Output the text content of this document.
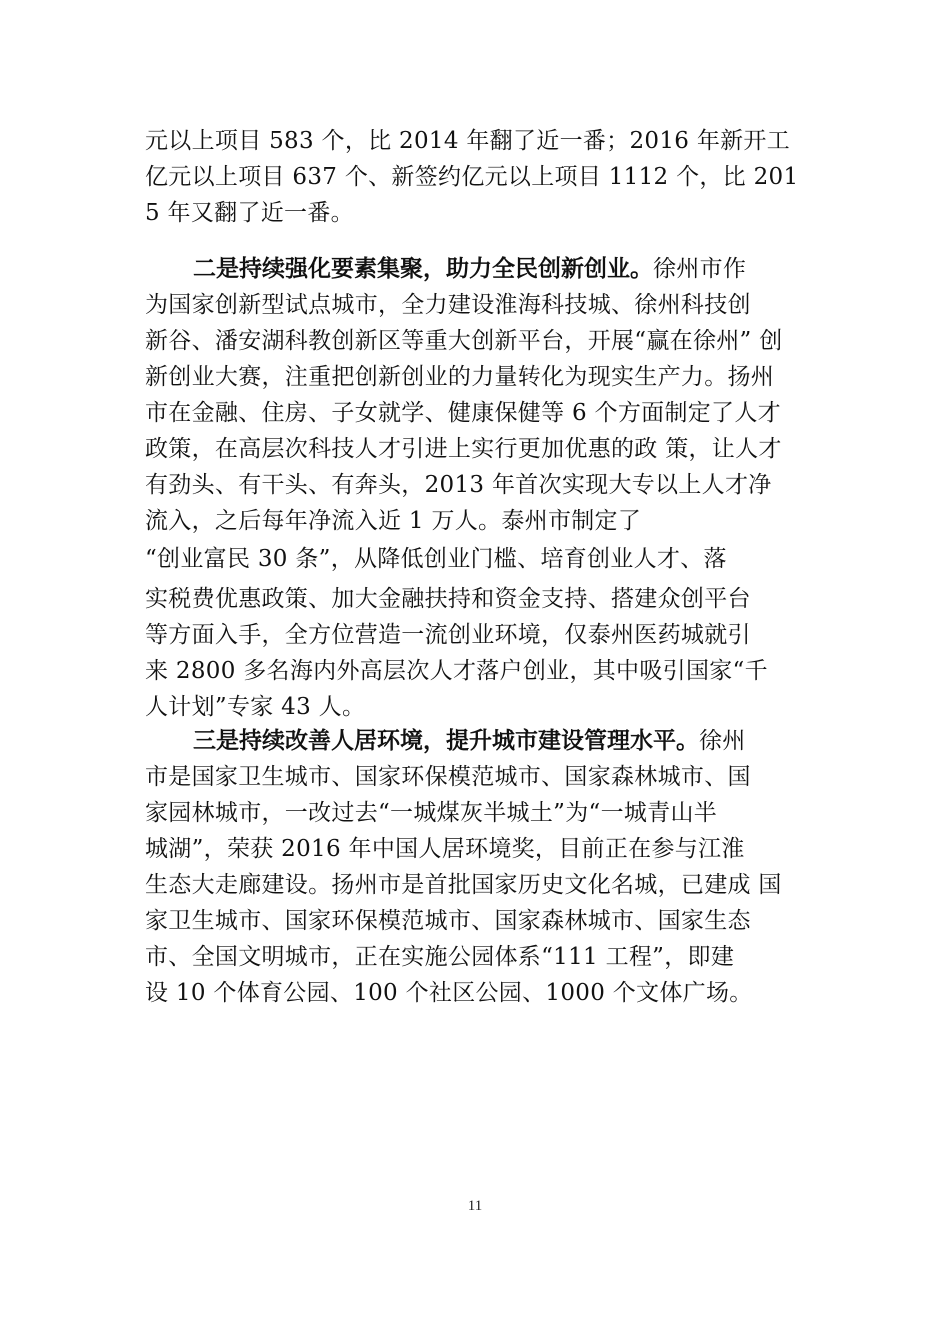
元以上项目 583 个，比 2014 年翻了近一番；2016 年新开工
亿元以上项目 637 个、新签约亿元以上项目 1112 个，比 201
5 年又翻了近一番。
二是持续强化要素集聚，助力全民创新创业。徐州市作
为国家创新型试点城市，全力建设淮海科技城、徐州科技创
新谷、潘安湖科教创新区等重大创新平台，开展“赢在徐州” 创
新创业大赛，注重把创新创业的力量转化为现实生产力。扬州
市在金融、住房、子女就学、健康保健等 6 个方面制定了人才
政策，在高层次科技人才引进上实行更加优惠的政 策，让人才
有劲头、有干头、有奔头，2013 年首次实现大专以上人才净
流入，之后每年净流入近 1 万人。泰州市制定了
“创业富民 30 条”，从降低创业门槛、培育创业人才、落
实税费优惠政策、加大金融扶持和资金支持、搭建众创平台
等方面入手，全方位营造一流创业环境，仅泰州医药城就引
来 2800 多名海内外高层次人才落户创业，其中吸引国家“千
人计划”专家 43 人。
三是持续改善人居环境，提升城市建设管理水平。徐州
市是国家卫生城市、国家环保模范城市、国家森林城市、国
家园林城市，一改过去“一城煤灰半城土”为“一城青山半
城湖”，荣获 2016 年中国人居环境奖，目前正在参与江淮
生态大走廊建设。扬州市是首批国家历史文化名城，已建成 国
家卫生城市、国家环保模范城市、国家森林城市、国家生态
市、全国文明城市，正在实施公园体系“111 工程”，即建
设 10 个体育公园、100 个社区公园、1000 个文体广场。
11
